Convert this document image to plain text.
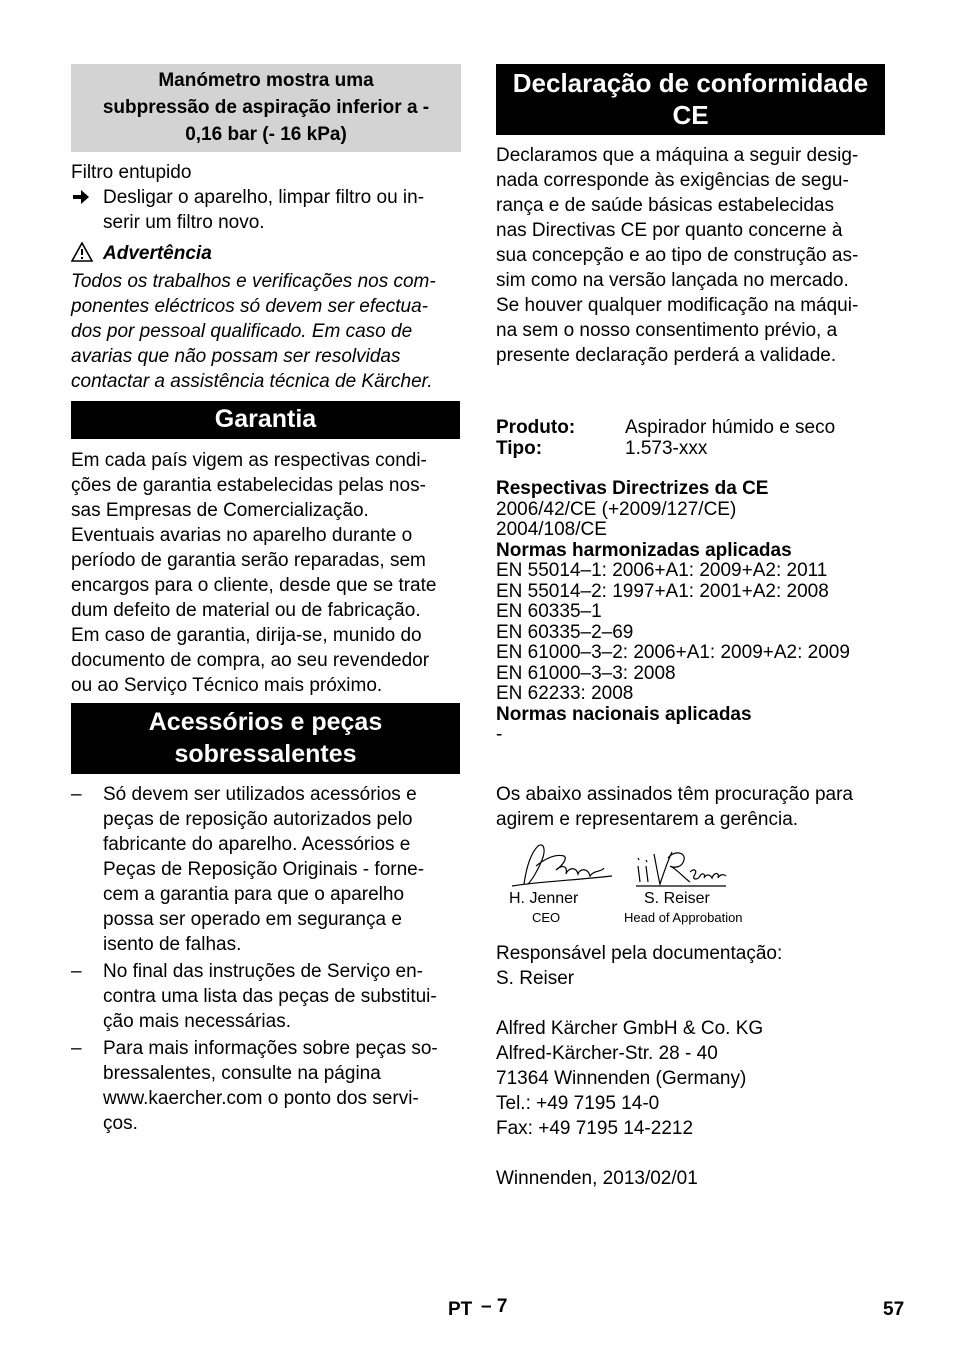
Manómetro mostra uma
subpressão de aspiração inferior a -
0,16 bar (- 16 kPa)

Filtro entupido

Desligar o aparelho, limpar filtro ou in-

serir um filtro novo.

Advertência

Todos os trabalhos e verificações nos com-

ponentes eléctricos só devem ser efectua-

dos por pessoal qualificado. Em caso de

avarias que não possam ser resolvidas

contactar a assistência técnica de Kärcher.

Garantia

Em cada país vigem as respectivas condi-

ções de garantia estabelecidas pelas nos-

sas Empresas de Comercialização.

Eventuais avarias no aparelho durante o

período de garantia serão reparadas, sem

encargos para o cliente, desde que se trate

dum defeito de material ou de fabricação.

Em caso de garantia, dirija-se, munido do

documento de compra, ao seu revendedor

ou ao Serviço Técnico mais próximo.

Acessórios e peças
sobressalentes
– Só devem ser utilizados acessórios e

peças de reposição autorizados pelo

fabricante do aparelho. Acessórios e

Peças de Reposição Originais - forne-

cem a garantia para que o aparelho

possa ser operado em segurança e

isento de falhas.

– No final das instruções de Serviço en-

contra uma lista das peças de substitui-

ção mais necessárias.

– Para mais informações sobre peças so-

bressalentes, consulte na página

www.kaercher.com o ponto dos servi-

ços.

Declaração de conformidade
CE

Declaramos que a máquina a seguir desig-

nada corresponde às exigências de segu-

rança e de saúde básicas estabelecidas

nas Directivas CE por quanto concerne à

sua concepção e ao tipo de construção as-

sim como na versão lançada no mercado.

Se houver qualquer modificação na máqui-

na sem o nosso consentimento prévio, a

presente declaração perderá a validade.

Produto:	Aspirador húmido e seco

Tipo:	1.573-xxx

Respectivas Directrizes da CE

2006/42/CE (+2009/127/CE)

2004/108/CE

Normas harmonizadas aplicadas

EN 55014–1: 2006+A1: 2009+A2: 2011

EN 55014–2: 1997+A1: 2001+A2: 2008

EN 60335–1

EN 60335–2–69

EN 61000–3–2: 2006+A1: 2009+A2: 2009

EN 61000–3–3: 2008

EN 62233: 2008

Normas nacionais aplicadas

-

Os abaixo assinados têm procuração para

agirem e representarem a gerência.

H. Jenner

CEO

S. Reiser

Head of Approbation

Responsável pela documentação:

S. Reiser

Alfred Kärcher GmbH & Co. KG

Alfred-Kärcher-Str. 28 - 40

71364 Winnenden (Germany)

Tel.: +49 7195 14-0

Fax: +49 7195 14-2212

Winnenden, 2013/02/01

PT – 7	57
